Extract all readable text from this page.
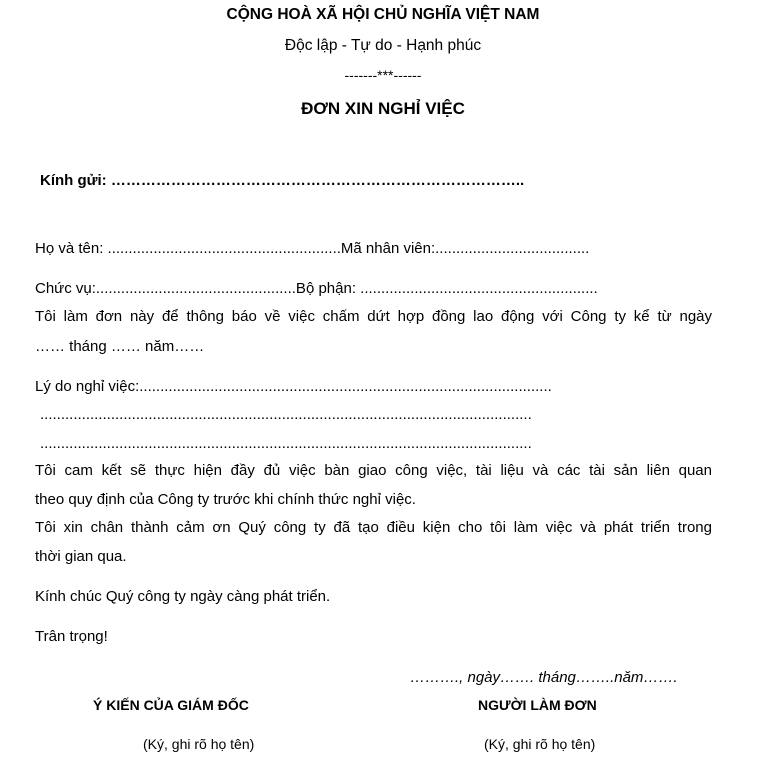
CỘNG HOÀ XÃ HỘI CHỦ NGHĨA VIỆT NAM
Độc lập - Tự do - Hạnh phúc
-------***------
ĐƠN XIN NGHỈ VIỆC
Kính gửi: ………………………………………………………………………..
Họ và tên: ........................................................Mã nhân viên:.....................................
Chức vụ:................................................Bộ phận: .........................................................
Tôi làm đơn này để thông báo về việc chấm dứt hợp đồng lao động với Công ty kể từ ngày
…… tháng …… năm……
Lý do nghỉ việc:...................................................................................................
......................................................................................................................
......................................................................................................................
Tôi cam kết sẽ thực hiện đầy đủ việc bàn giao công việc, tài liệu và các tài sản liên quan
theo quy định của Công ty trước khi chính thức nghỉ việc.
Tôi xin chân thành cảm ơn Quý công ty đã tạo điều kiện cho tôi làm việc và phát triển trong
thời gian qua.
Kính chúc Quý công ty ngày càng phát triển.
Trân trọng!
………., ngày……. tháng……..năm…….
Ý KIẾN CỦA GIÁM ĐỐC	NGƯỜI LÀM ĐƠN
(Ký, ghi rõ họ tên)	(Ký, ghi rõ họ tên)
